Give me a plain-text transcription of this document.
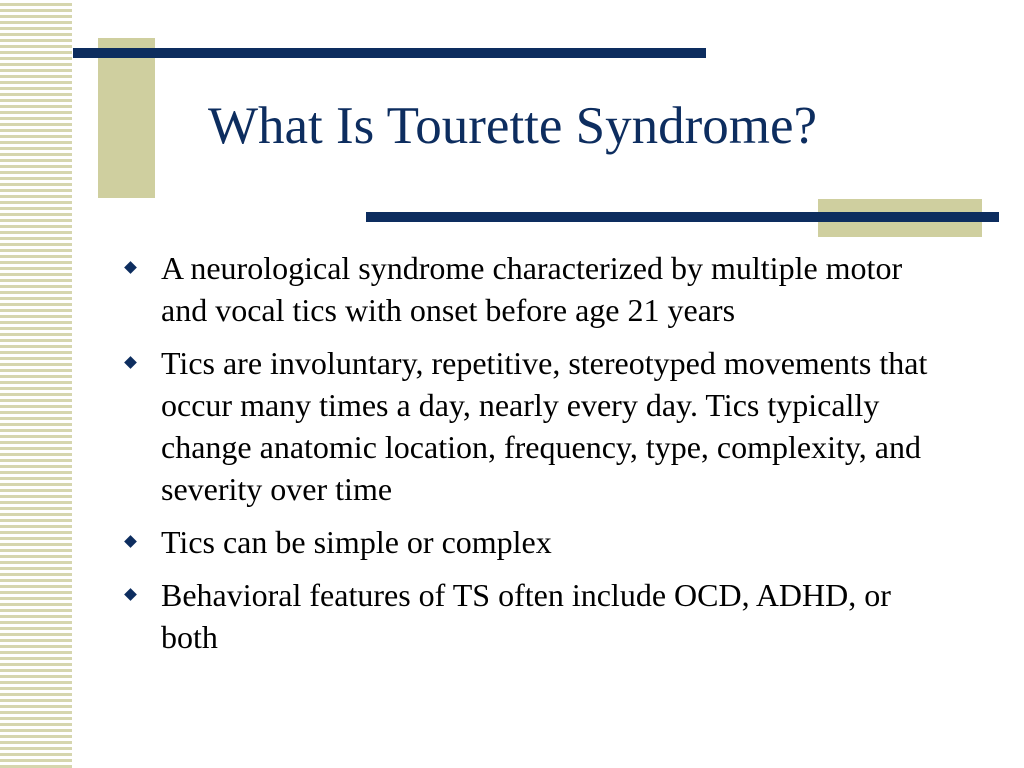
What Is Tourette Syndrome?
A neurological syndrome characterized by multiple motor and vocal tics with onset before age 21 years
Tics are involuntary, repetitive, stereotyped movements that occur many times a day, nearly every day. Tics typically change anatomic location, frequency, type, complexity, and severity over time
Tics can be simple or complex
Behavioral features of TS often include OCD, ADHD, or both
